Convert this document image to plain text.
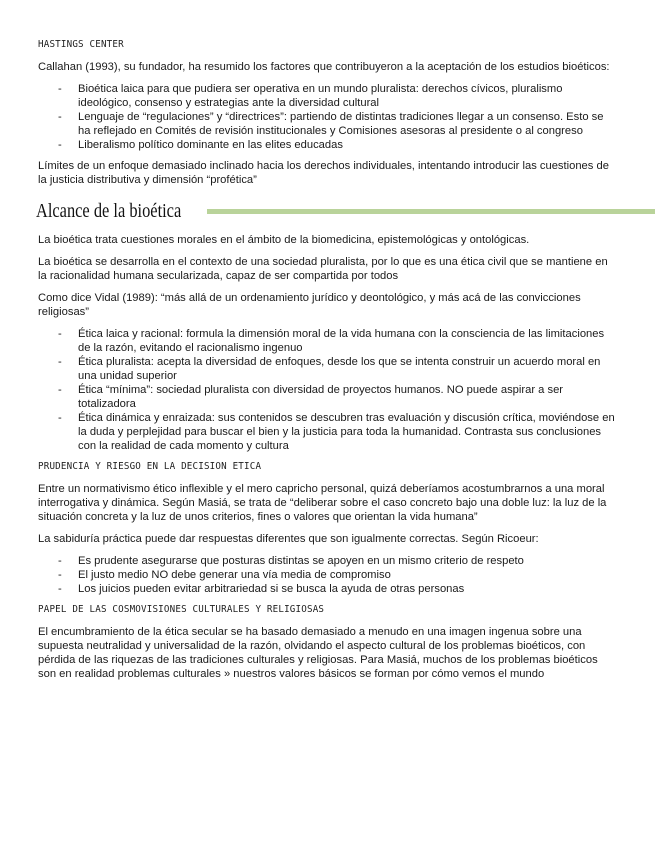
HASTINGS CENTER

Callahan (1993), su fundador, ha resumido los factores que contribuyeron a la aceptación de los estudios bioéticos:

- Bioética laica para que pudiera ser operativa en un mundo pluralista: derechos cívicos, pluralismo ideológico, consenso y estrategias ante la diversidad cultural
- Lenguaje de “regulaciones” y “directrices”: partiendo de distintas tradiciones llegar a un consenso. Esto se ha reflejado en Comités de revisión institucionales y Comisiones asesoras al presidente o al congreso
- Liberalismo político dominante en las elites educadas

Límites de un enfoque demasiado inclinado hacia los derechos individuales, intentando introducir las cuestiones de la justicia distributiva y dimensión “profética”

Alcance de la bioética

La bioética trata cuestiones morales en el ámbito de la biomedicina, epistemológicas y ontológicas.

La bioética se desarrolla en el contexto de una sociedad pluralista, por lo que es una ética civil que se mantiene en la racionalidad humana secularizada, capaz de ser compartida por todos

Como dice Vidal (1989): “más allá de un ordenamiento jurídico y deontológico, y más acá de las convicciones religiosas”

- Ética laica y racional: formula la dimensión moral de la vida humana con la consciencia de las limitaciones de la razón, evitando el racionalismo ingenuo
- Ética pluralista: acepta la diversidad de enfoques, desde los que se intenta construir un acuerdo moral en una unidad superior
- Ética “mínima”: sociedad pluralista con diversidad de proyectos humanos. NO puede aspirar a ser totalizadora
- Ética dinámica y enraizada: sus contenidos se descubren tras evaluación y discusión crítica, moviéndose en la duda y perplejidad para buscar el bien y la justicia para toda la humanidad. Contrasta sus conclusiones con la realidad de cada momento y cultura
PRUDENCIA Y RIESGO EN LA DECISION ETICA

Entre un normativismo ético inflexible y el mero capricho personal, quizá deberíamos acostumbrarnos a una moral interrogativa y dinámica. Según Masiá, se trata de “deliberar sobre el caso concreto bajo una doble luz: la luz de la situación concreta y la luz de unos criterios, fines o valores que orientan la vida humana”

La sabiduría práctica puede dar respuestas diferentes que son igualmente correctas. Según Ricoeur:

- Es prudente asegurarse que posturas distintas se apoyen en un mismo criterio de respeto
- El justo medio NO debe generar una vía media de compromiso
- Los juicios pueden evitar arbitrariedad si se busca la ayuda de otras personas
PAPEL DE LAS COSMOVISIONES CULTURALES Y RELIGIOSAS

El encumbramiento de la ética secular se ha basado demasiado a menudo en una imagen ingenua sobre una supuesta neutralidad y universalidad de la razón, olvidando el aspecto cultural de los problemas bioéticos, con pérdida de las riquezas de las tradiciones culturales y religiosas. Para Masiá, muchos de los problemas bioéticos son en realidad problemas culturales » nuestros valores básicos se forman por cómo vemos el mundo
